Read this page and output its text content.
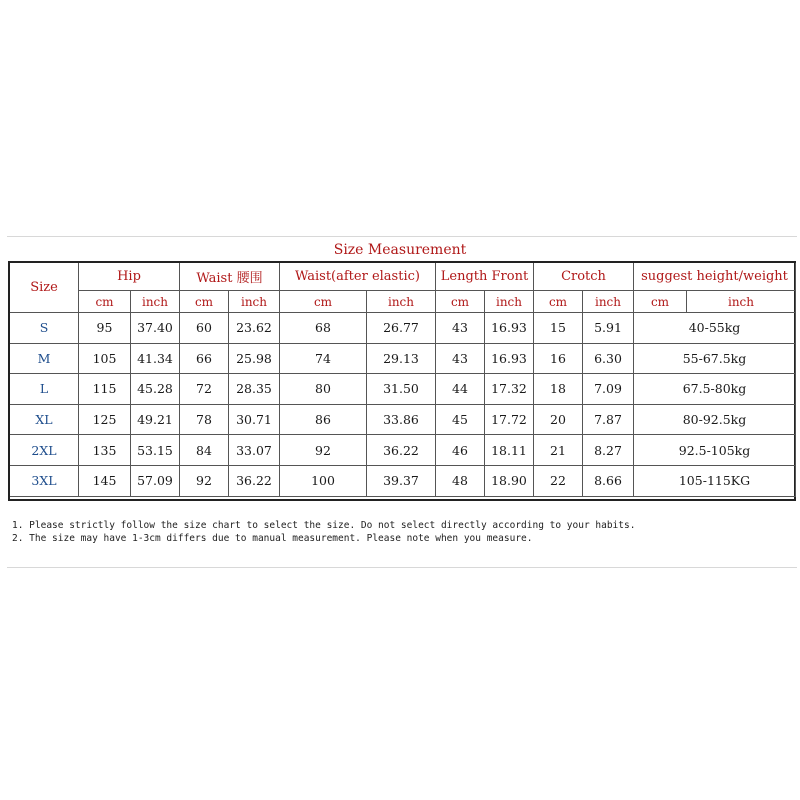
Size Measurement
Size
Hip	Waist 腰围	Waist(after elastic)	Length Front	Crotch	suggest height/weight
cm	inch	cm	inch	cm	inch	cm	inch	cm	inch	cm	inch
S	95	37.40	60	23.62	68	26.77	43	16.93	15	5.91	40-55kg
M	105	41.34	66	25.98	74	29.13	43	16.93	16	6.30	55-67.5kg
L	115	45.28	72	28.35	80	31.50	44	17.32	18	7.09	67.5-80kg
XL	125	49.21	78	30.71	86	33.86	45	17.72	20	7.87	80-92.5kg
2XL	135	53.15	84	33.07	92	36.22	46	18.11	21	8.27	92.5-105kg
3XL	145	57.09	92	36.22	100	39.37	48	18.90	22	8.66	105-115KG
1. Please strictly follow the size chart to select the size. Do not select directly according to your habits.
2. The size may have 1-3cm differs due to manual measurement. Please note when you measure.
